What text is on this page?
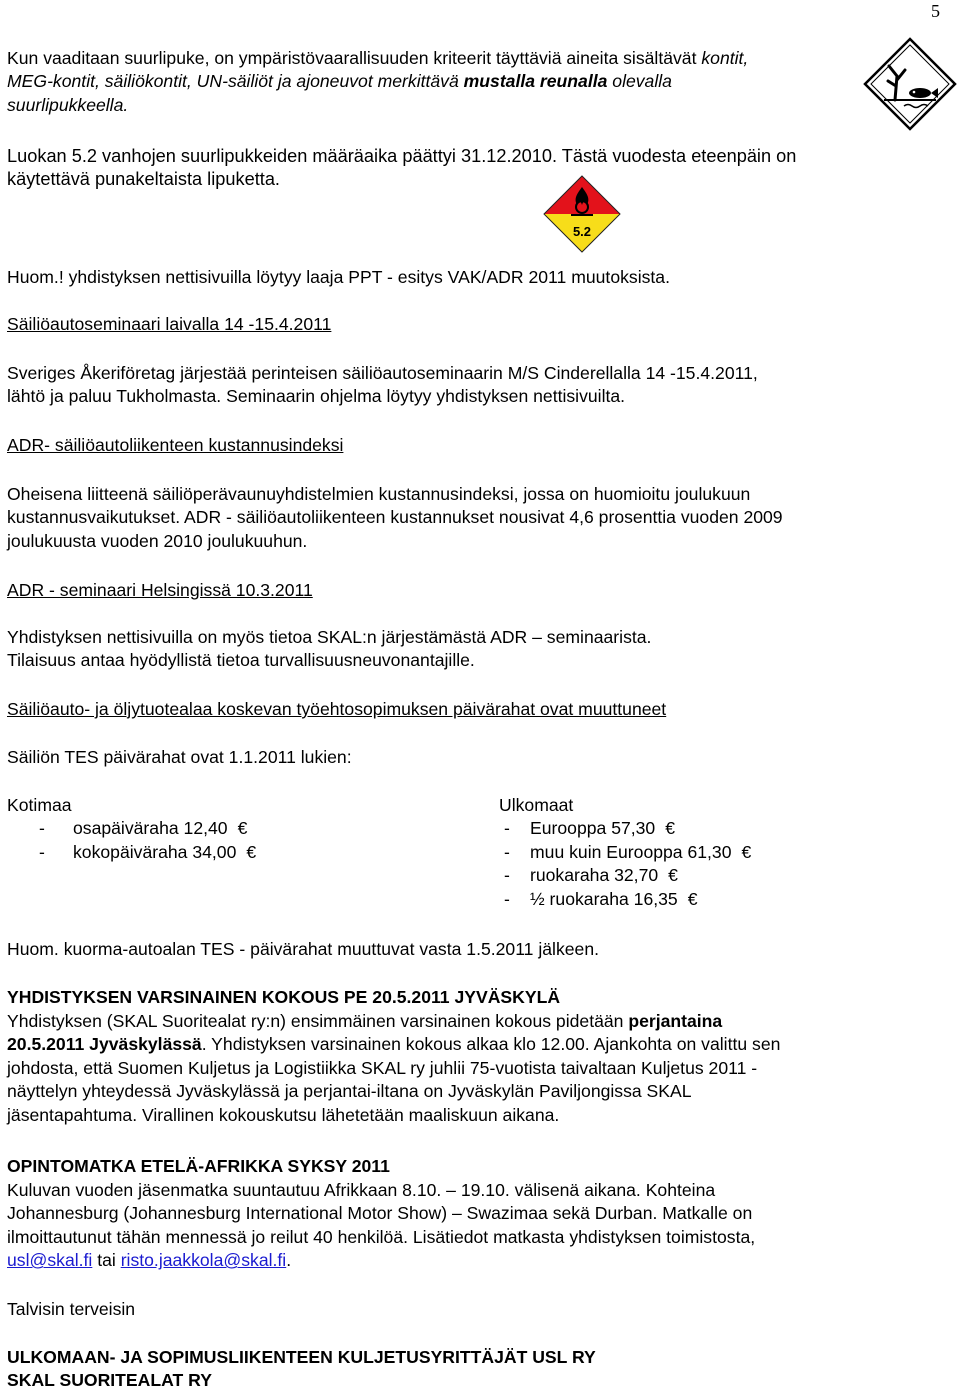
5
5.2

Kun vaaditaan suurlipuke, on ympäristövaarallisuuden kriteerit täyttäviä aineita sisältävät kontit,
MEG-kontit, säiliökontit, UN-säiliöt ja ajoneuvot merkittävä mustalla reunalla olevalla
suurlipukkeella.

Luokan 5.2 vanhojen suurlipukkeiden määräaika päättyi 31.12.2010. Tästä vuodesta eteenpäin on
käytettävä punakeltaista lipuketta.

Huom.! yhdistyksen nettisivuilla löytyy laaja PPT - esitys VAK/ADR 2011 muutoksista.

Säiliöautoseminaari laivalla 14 -15.4.2011

Sveriges Åkeriföretag järjestää perinteisen säiliöautoseminaarin M/S Cinderellalla 14 -15.4.2011,
lähtö ja paluu Tukholmasta. Seminaarin ohjelma löytyy yhdistyksen nettisivuilta.

ADR- säiliöautoliikenteen kustannusindeksi

Oheisena liitteenä säiliöperävaunuyhdistelmien kustannusindeksi, jossa on huomioitu joulukuun
kustannusvaikutukset. ADR - säiliöautoliikenteen kustannukset nousivat 4,6 prosenttia vuoden 2009
joulukuusta vuoden 2010 joulukuuhun.

ADR - seminaari Helsingissä 10.3.2011

Yhdistyksen nettisivuilla on myös tietoa SKAL:n järjestämästä ADR – seminaarista.
Tilaisuus antaa hyödyllistä tietoa turvallisuusneuvonantajille.

Säiliöauto- ja öljytuotealaa koskevan työehtosopimuksen päivärahat ovat muuttuneet

Säiliön TES päivärahat ovat 1.1.2011 lukien:

Kotimaa
- osapäiväraha 12,40 €
- kokopäiväraha 34,00 €
Ulkomaat
- Eurooppa 57,30 €
- muu kuin Eurooppa 61,30 €
- ruokaraha 32,70 €
- ½ ruokaraha 16,35 €

Huom. kuorma-autoalan TES - päivärahat muuttuvat vasta 1.5.2011 jälkeen.

YHDISTYKSEN VARSINAINEN KOKOUS PE 20.5.2011 JYVÄSKYLÄ

Yhdistyksen (SKAL Suoritealat ry:n) ensimmäinen varsinainen kokous pidetään perjantaina
20.5.2011 Jyväskylässä. Yhdistyksen varsinainen kokous alkaa klo 12.00. Ajankohta on valittu sen
johdosta, että Suomen Kuljetus ja Logistiikka SKAL ry juhlii 75-vuotista taivaltaan Kuljetus 2011 -
näyttelyn yhteydessä Jyväskylässä ja perjantai-iltana on Jyväskylän Paviljongissa SKAL
jäsentapahtuma. Virallinen kokouskutsu lähetetään maaliskuun aikana.

OPINTOMATKA ETELÄ-AFRIKKA SYKSY 2011

Kuluvan vuoden jäsenmatka suuntautuu Afrikkaan 8.10. – 19.10. välisenä aikana. Kohteina
Johannesburg (Johannesburg International Motor Show) – Swazimaa sekä Durban. Matkalle on
ilmoittautunut tähän mennessä jo reilut 40 henkilöä. Lisätiedot matkasta yhdistyksen toimistosta,
usl@skal.fi tai risto.jaakkola@skal.fi.

Talvisin terveisin

ULKOMAAN- JA SOPIMUSLIIKENTEEN KULJETUSYRITTÄJÄT USL RY

SKAL SUORITEALAT RY
